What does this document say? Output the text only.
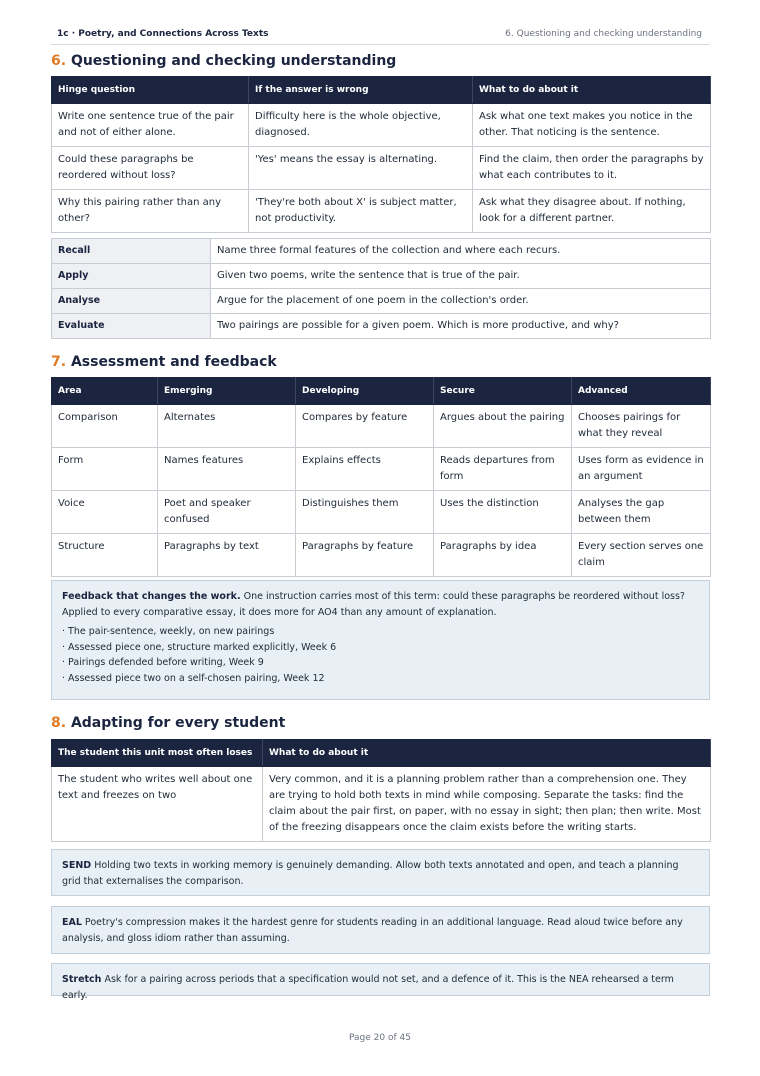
1c · Poetry, and Connections Across Texts	6. Questioning and checking understanding
6. Questioning and checking understanding
Hinge question	If the answer is wrong	What to do about it
Write one sentence true of the pair and not of either alone.	Difficulty here is the whole objective, diagnosed.	Ask what one text makes you notice in the other. That noticing is the sentence.
Could these paragraphs be reordered without loss?	'Yes' means the essay is alternating.	Find the claim, then order the paragraphs by what each contributes to it.
Why this pairing rather than any other?	'They're both about X' is subject matter, not productivity.	Ask what they disagree about. If nothing, look for a different partner.
Recall	Name three formal features of the collection and where each recurs.
Apply	Given two poems, write the sentence that is true of the pair.
Analyse	Argue for the placement of one poem in the collection's order.
Evaluate	Two pairings are possible for a given poem. Which is more productive, and why?
7. Assessment and feedback
Area	Emerging	Developing	Secure	Advanced
Comparison	Alternates	Compares by feature	Argues about the pairing	Chooses pairings for what they reveal
Form	Names features	Explains effects	Reads departures from form	Uses form as evidence in an argument
Voice	Poet and speaker confused	Distinguishes them	Uses the distinction	Analyses the gap between them
Structure	Paragraphs by text	Paragraphs by feature	Paragraphs by idea	Every section serves one claim

Feedback that changes the work. One instruction carries most of this term: could these paragraphs be reordered without loss? Applied to every comparative essay, it does more for AO4 than any amount of explanation.

· The pair-sentence, weekly, on new pairings
· Assessed piece one, structure marked explicitly, Week 6
· Pairings defended before writing, Week 9
· Assessed piece two on a self-chosen pairing, Week 12
8. Adapting for every student
The student this unit most often loses	What to do about it
The student who writes well about one text and freezes on two	Very common, and it is a planning problem rather than a comprehension one. They are trying to hold both texts in mind while composing. Separate the tasks: find the claim about the pair first, on paper, with no essay in sight; then plan; then write. Most of the freezing disappears once the claim exists before the writing starts.

SEND Holding two texts in working memory is genuinely demanding. Allow both texts annotated and open, and teach a planning grid that externalises the comparison.

EAL Poetry's compression makes it the hardest genre for students reading in an additional language. Read aloud twice before any analysis, and gloss idiom rather than assuming.

Stretch Ask for a pairing across periods that a specification would not set, and a defence of it. This is the NEA rehearsed a term early.

Page 20 of 45
